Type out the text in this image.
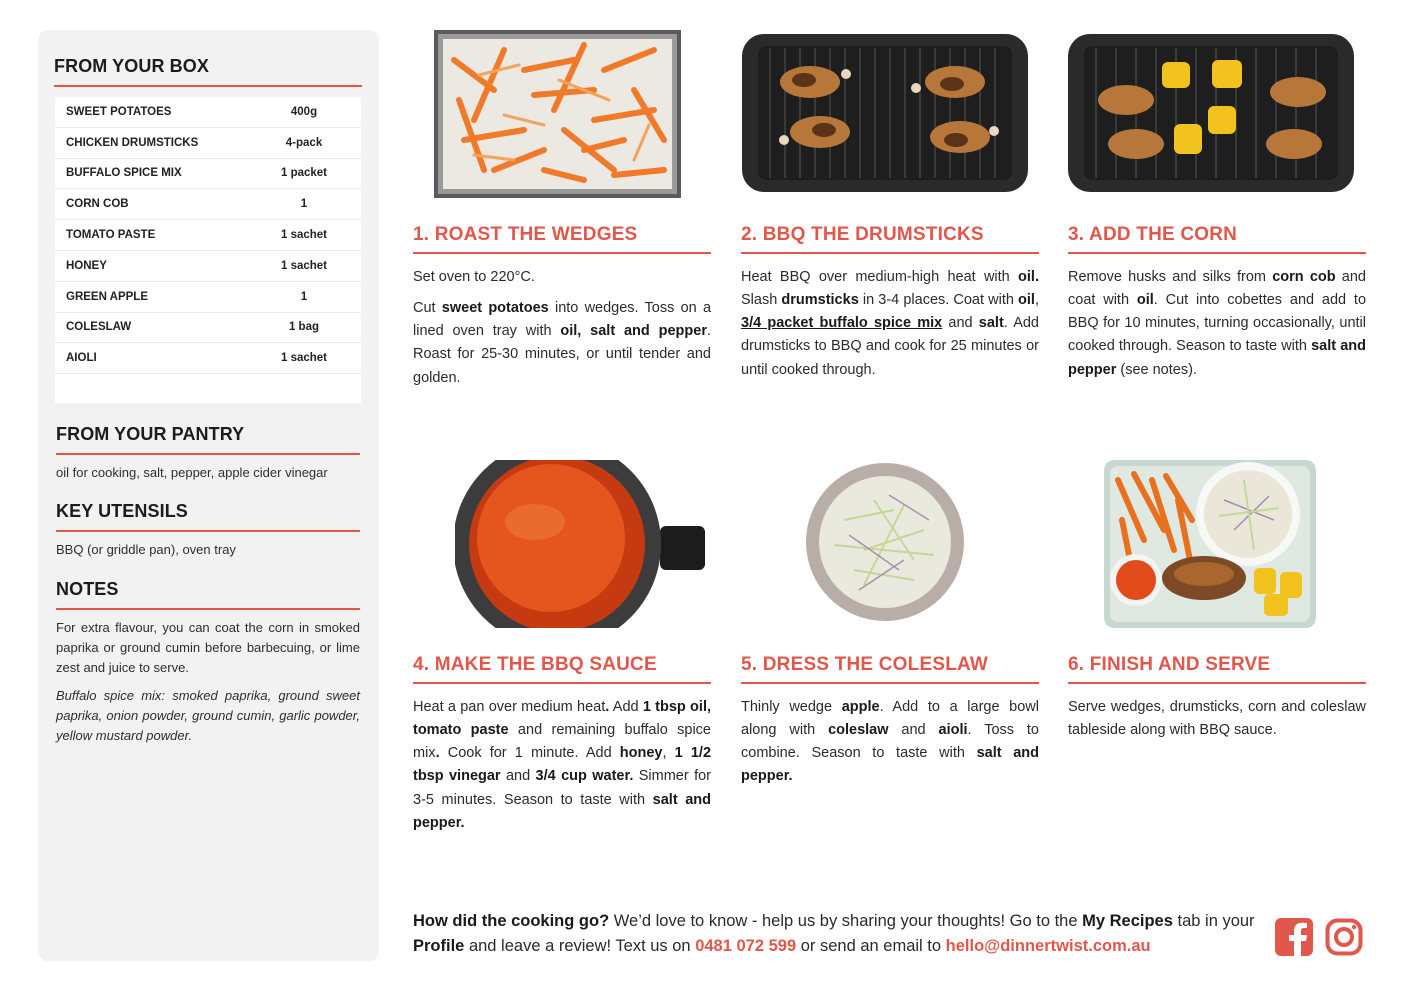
FROM YOUR BOX
SWEET POTATOES	400g
CHICKEN DRUMSTICKS	4-pack
BUFFALO SPICE MIX	1 packet
CORN COB	1
TOMATO PASTE	1 sachet
HONEY	1 sachet
GREEN APPLE	1
COLESLAW	1 bag
AIOLI	1 sachet
FROM YOUR PANTRY

oil for cooking, salt, pepper, apple cider vinegar

KEY UTENSILS

BBQ (or griddle pan), oven tray

NOTES

For extra flavour, you can coat the corn in smoked paprika or ground cumin before barbecuing, or lime zest and juice to serve.

Buffalo spice mix: smoked paprika, ground sweet paprika, onion powder, ground cumin, garlic powder, yellow mustard powder.

1. ROAST THE WEDGES

Set oven to 220°C.

Cut sweet potatoes into wedges. Toss on a lined oven tray with oil, salt and pepper. Roast for 25-30 minutes, or until tender and golden.

2. BBQ THE DRUMSTICKS

Heat BBQ over medium-high heat with oil. Slash drumsticks in 3-4 places. Coat with oil, 3/4 packet buffalo spice mix and salt. Add drumsticks to BBQ and cook for 25 minutes or until cooked through.

3. ADD THE CORN

Remove husks and silks from corn cob and coat with oil. Cut into cobettes and add to BBQ for 10 minutes, turning occasionally, until cooked through. Season to taste with salt and pepper (see notes).

4. MAKE THE BBQ SAUCE

Heat a pan over medium heat. Add 1 tbsp oil, tomato paste and remaining buffalo spice mix. Cook for 1 minute. Add honey, 1 1/2 tbsp vinegar and 3/4 cup water. Simmer for 3-5 minutes. Season to taste with salt and pepper.

5. DRESS THE COLESLAW

Thinly wedge apple. Add to a large bowl along with coleslaw and aioli. Toss to combine. Season to taste with salt and pepper.

6. FINISH AND SERVE

Serve wedges, drumsticks, corn and coleslaw tableside along with BBQ sauce.

How did the cooking go? We’d love to know - help us by sharing your thoughts! Go to the My Recipes tab in your Profile and leave a review! Text us on 0481 072 599 or send an email to hello@dinnertwist.com.au
